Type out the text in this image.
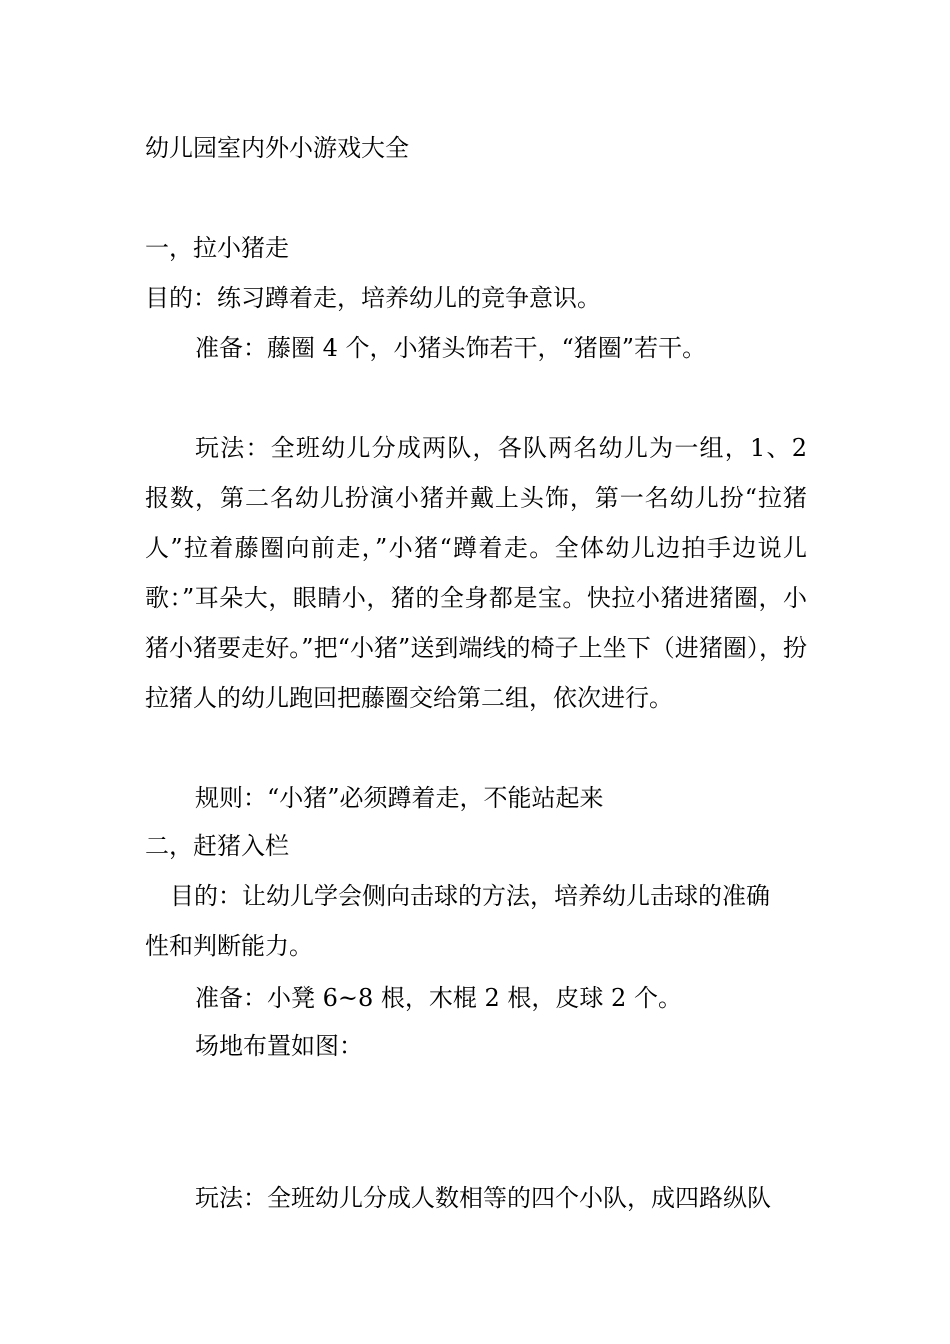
幼儿园室内外小游戏大全
一，拉小猪走
目的：练习蹲着走，培养幼儿的竞争意识。
准备：藤圈 4 个，小猪头饰若干，“猪圈”若干。
玩法：全班幼儿分成两队，各队两名幼儿为一组，1、2 报数，第二名幼儿扮演小猪并戴上头饰，第一名幼儿扮“拉猪人”拉着藤圈向前走，”小猪“蹲着走。全体幼儿边拍手边说儿歌：”耳朵大，眼睛小，猪的全身都是宝。快拉小猪进猪圈，小猪小猪要走好。”把“小猪”送到端线的椅子上坐下（进猪圈），扮拉猪人的幼儿跑回把藤圈交给第二组，依次进行。
规则：“小猪”必须蹲着走，不能站起来
二，赶猪入栏
目的：让幼儿学会侧向击球的方法，培养幼儿击球的准确
性和判断能力。
准备：小凳 6~8 根，木棍 2 根，皮球 2 个。
场地布置如图：
玩法：全班幼儿分成人数相等的四个小队，成四路纵队
